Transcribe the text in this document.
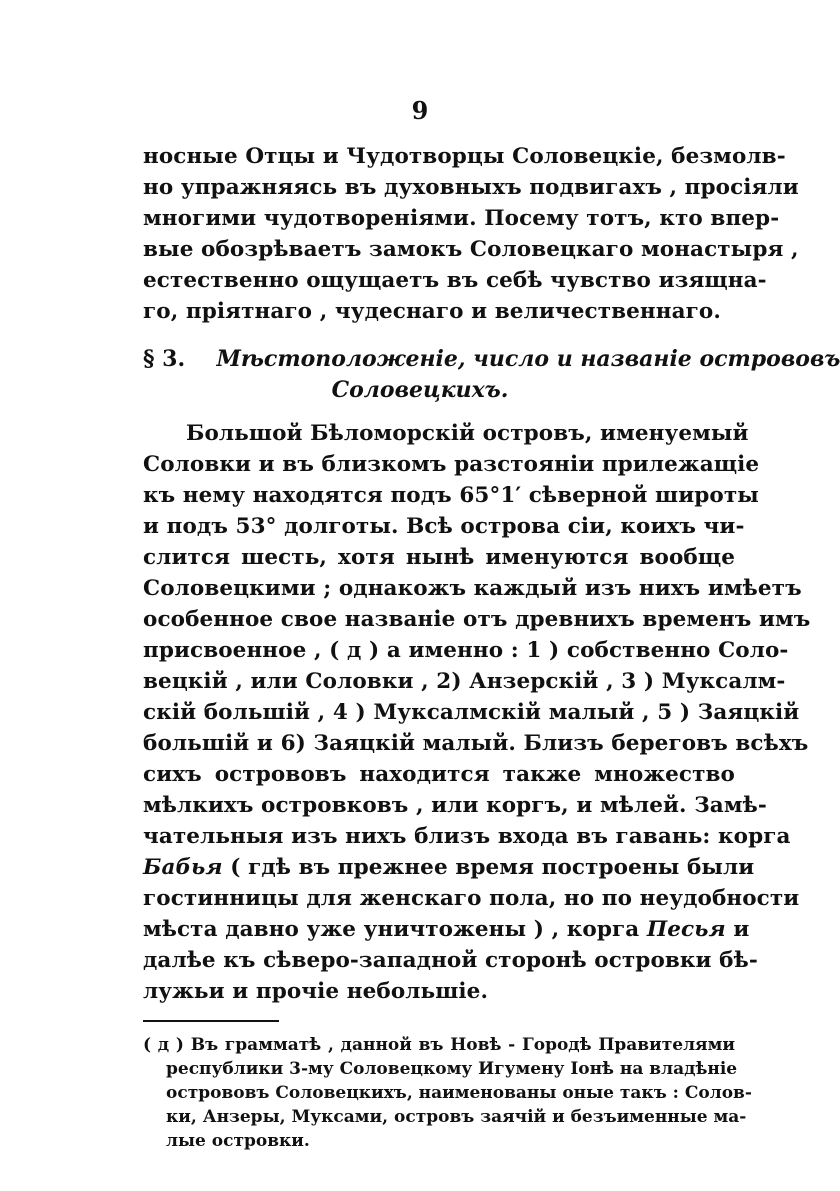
9
носные Отцы и Чудотворцы Соловецкіе, безмолв-
но упражняясь въ духовныхъ подвигахъ , просіяли
многими чудотвореніями. Посему тотъ, кто впер-
вые обозрѣваетъ замокъ Соловецкаго монастыря ,
естественно ощущаетъ въ себѣ чувство изящна-
го, пріятнаго , чудеснаго и величественнаго.
§ 3. Мѣстоположеніе, число и названіе острововъ
Соловецкихъ.
Большой Бѣломорскій островъ, именуемый
Соловки и въ близкомъ разстояніи прилежащіе
къ нему находятся подъ 65°1′ сѣверной широты
и подъ 53° долготы. Всѣ острова сіи, коихъ чи-
слится шесть, хотя нынѣ именуются вообще
Соловецкими ; однакожъ каждый изъ нихъ имѣетъ
особенное свое названіе отъ древнихъ временъ имъ
присвоенное , ( д ) а именно : 1 ) собственно Соло-
вецкій , или Соловки , 2) Анзерскій , 3 ) Муксалм-
скій большій , 4 ) Муксалмскій малый , 5 ) Заяцкій
большій и 6) Заяцкій малый. Близъ береговъ всѣхъ
сихъ острововъ находится также множество
мѣлкихъ островковъ , или коргъ, и мѣлей. Замѣ-
чательныя изъ нихъ близъ входа въ гавань: корга
Бабья ( гдѣ въ прежнее время построены были
гостинницы для женскаго пола, но по неудобности
мѣста давно уже уничтожены ) , корга Песья и
далѣе къ сѣверо-западной сторонѣ островки бѣ-
лужьи и прочіе небольшіе.
( д ) Въ грамматѣ , данной въ Новѣ - Городѣ Правителями
республики 3-му Соловецкому Игумену Іонѣ на владѣніе
острововъ Соловецкихъ, наименованы оные такъ : Солов-
ки, Анзеры, Муксами, островъ заячій и безъименные ма-
лые островки.
